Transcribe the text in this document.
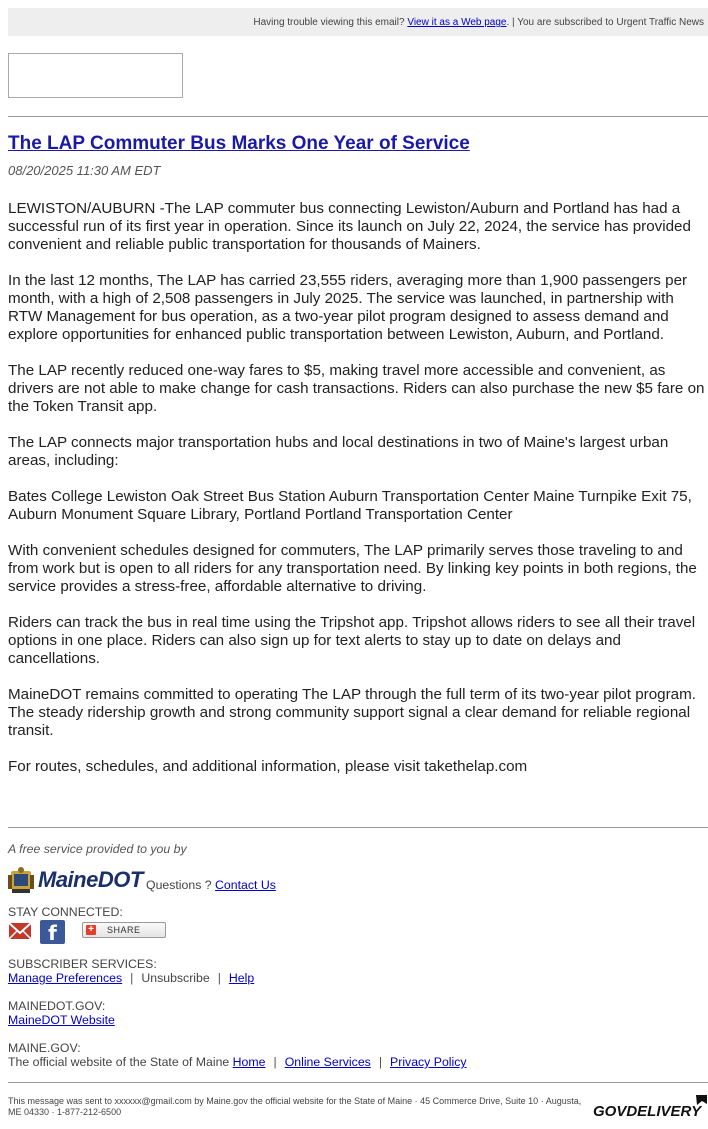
Having trouble viewing this email? View it as a Web page. | You are subscribed to Urgent Traffic News
The LAP Commuter Bus Marks One Year of Service
08/20/2025 11:30 AM EDT

LEWISTON/AUBURN -The LAP commuter bus connecting Lewiston/Auburn and Portland has had a successful run of its first year in operation. Since its launch on July 22, 2024, the service has provided convenient and reliable public transportation for thousands of Mainers.

In the last 12 months, The LAP has carried 23,555 riders, averaging more than 1,900 passengers per month, with a high of 2,508 passengers in July 2025. The service was launched, in partnership with RTW Management for bus operation, as a two-year pilot program designed to assess demand and explore opportunities for enhanced public transportation between Lewiston, Auburn, and Portland.

The LAP recently reduced one-way fares to $5, making travel more accessible and convenient, as drivers are not able to make change for cash transactions. Riders can also purchase the new $5 fare on the Token Transit app.

The LAP connects major transportation hubs and local destinations in two of Maine's largest urban areas, including:

Bates College Lewiston Oak Street Bus Station Auburn Transportation Center Maine Turnpike Exit 75, Auburn Monument Square Library, Portland Portland Transportation Center

With convenient schedules designed for commuters, The LAP primarily serves those traveling to and from work but is open to all riders for any transportation need. By linking key points in both regions, the service provides a stress-free, affordable alternative to driving.

Riders can track the bus in real time using the Tripshot app. Tripshot allows riders to see all their travel options in one place. Riders can also sign up for text alerts to stay up to date on delays and cancellations.

MaineDOT remains committed to operating The LAP through the full term of its two-year pilot program. The steady ridership growth and strong community support signal a clear demand for reliable regional transit.

For routes, schedules, and additional information, please visit takethelap.com

A free service provided to you by
MaineDOT Questions ? Contact Us
STAY CONNECTED:
f	+ SHARE
SUBSCRIBER SERVICES:
Manage Preferences | Unsubscribe | Help
MAINEDOT.GOV:
MaineDOT Website
MAINE.GOV:
The official website of the State of Maine Home | Online Services | Privacy Policy
This message was sent to xxxxxx@gmail.com by Maine.gov the official website for the State of Maine · 45 Commerce Drive, Suite 10 · Augusta, ME 04330 · 1-877-212-6500	GOVDELIVERY
